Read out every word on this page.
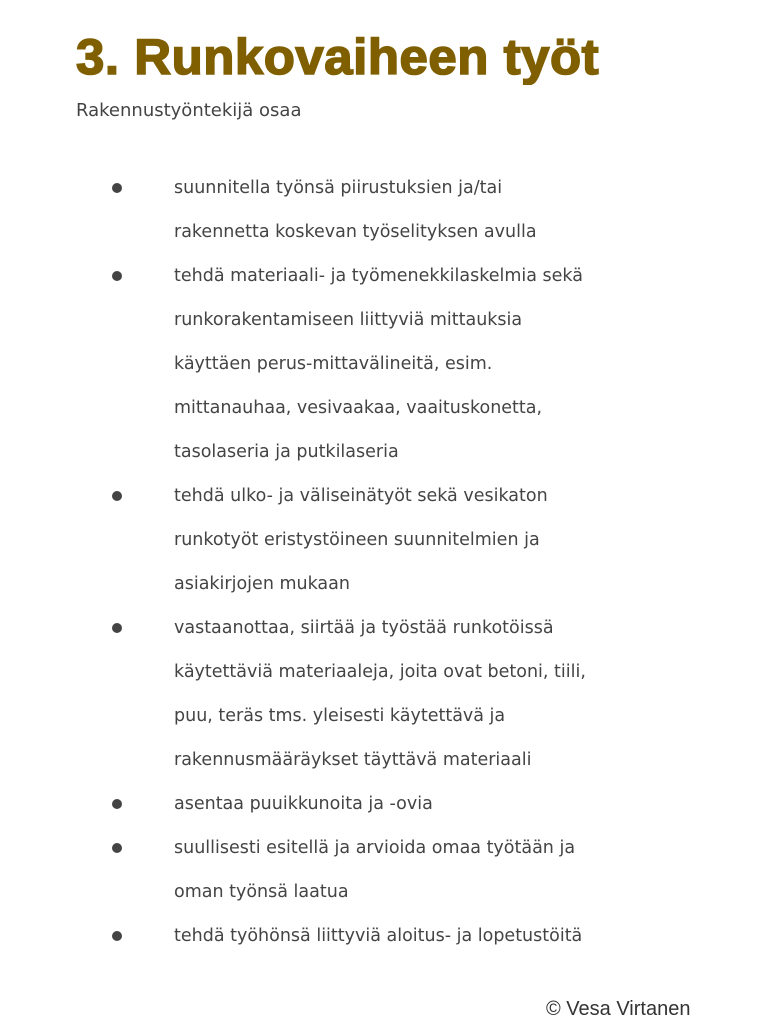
3. Runkovaiheen työt
Rakennustyöntekijä osaa
suunnitella työnsä piirustuksien ja/tai
rakennetta koskevan työselityksen avulla
tehdä materiaali- ja työmenekkilaskelmia sekä
runkorakentamiseen liittyviä mittauksia
käyttäen perus-mittavälineitä, esim.
mittanauhaa, vesivaakaa, vaaituskonetta,
tasolaseria ja putkilaseria
tehdä ulko- ja väliseinätyöt sekä vesikaton
runkotyöt eristystöineen suunnitelmien ja
asiakirjojen mukaan
vastaanottaa, siirtää ja työstää runkotöissä
käytettäviä materiaaleja, joita ovat betoni, tiili,
puu, teräs tms. yleisesti käytettävä ja
rakennusmääräykset täyttävä materiaali
asentaa puuikkunoita ja -ovia
suullisesti esitellä ja arvioida omaa työtään ja
oman työnsä laatua
tehdä työhönsä liittyviä aloitus- ja lopetustöitä
© Vesa Virtanen
